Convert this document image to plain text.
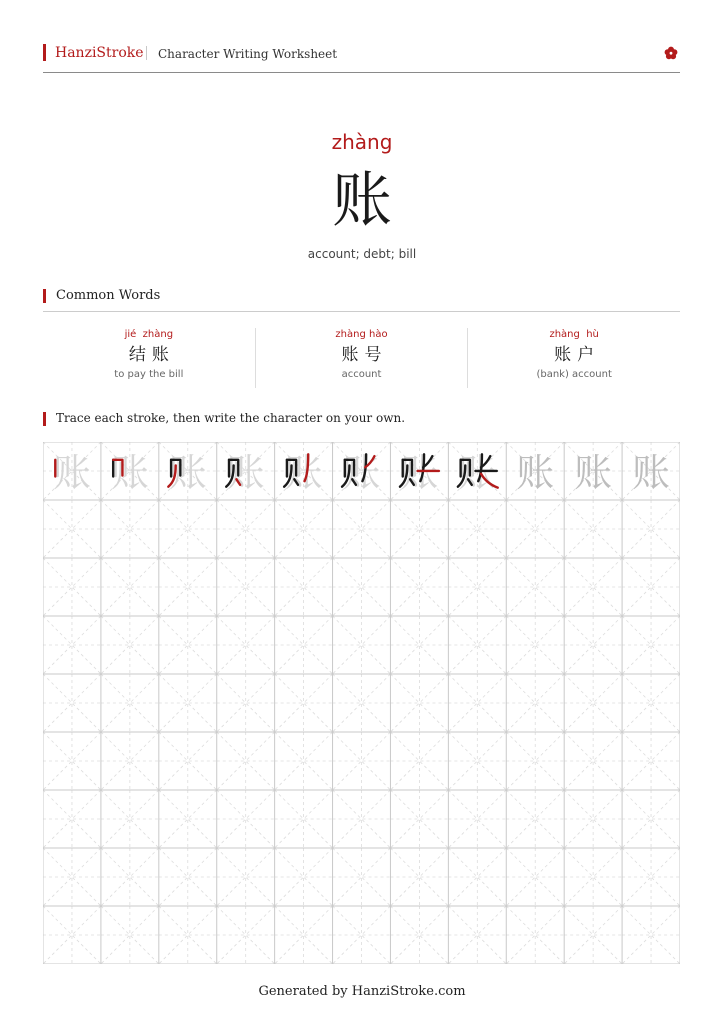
HanziStroke Character Writing Worksheet
zhàng
账
account; debt; bill
Common Words
jié  zhàng
结账
to pay the bill
zhàng hào
账号
account
zhàng  hù
账户
(bank) account
Trace each stroke, then write the character on your own.
账 账 账 账 账 账 账 账 账 账 账
Generated by HanziStroke.com
